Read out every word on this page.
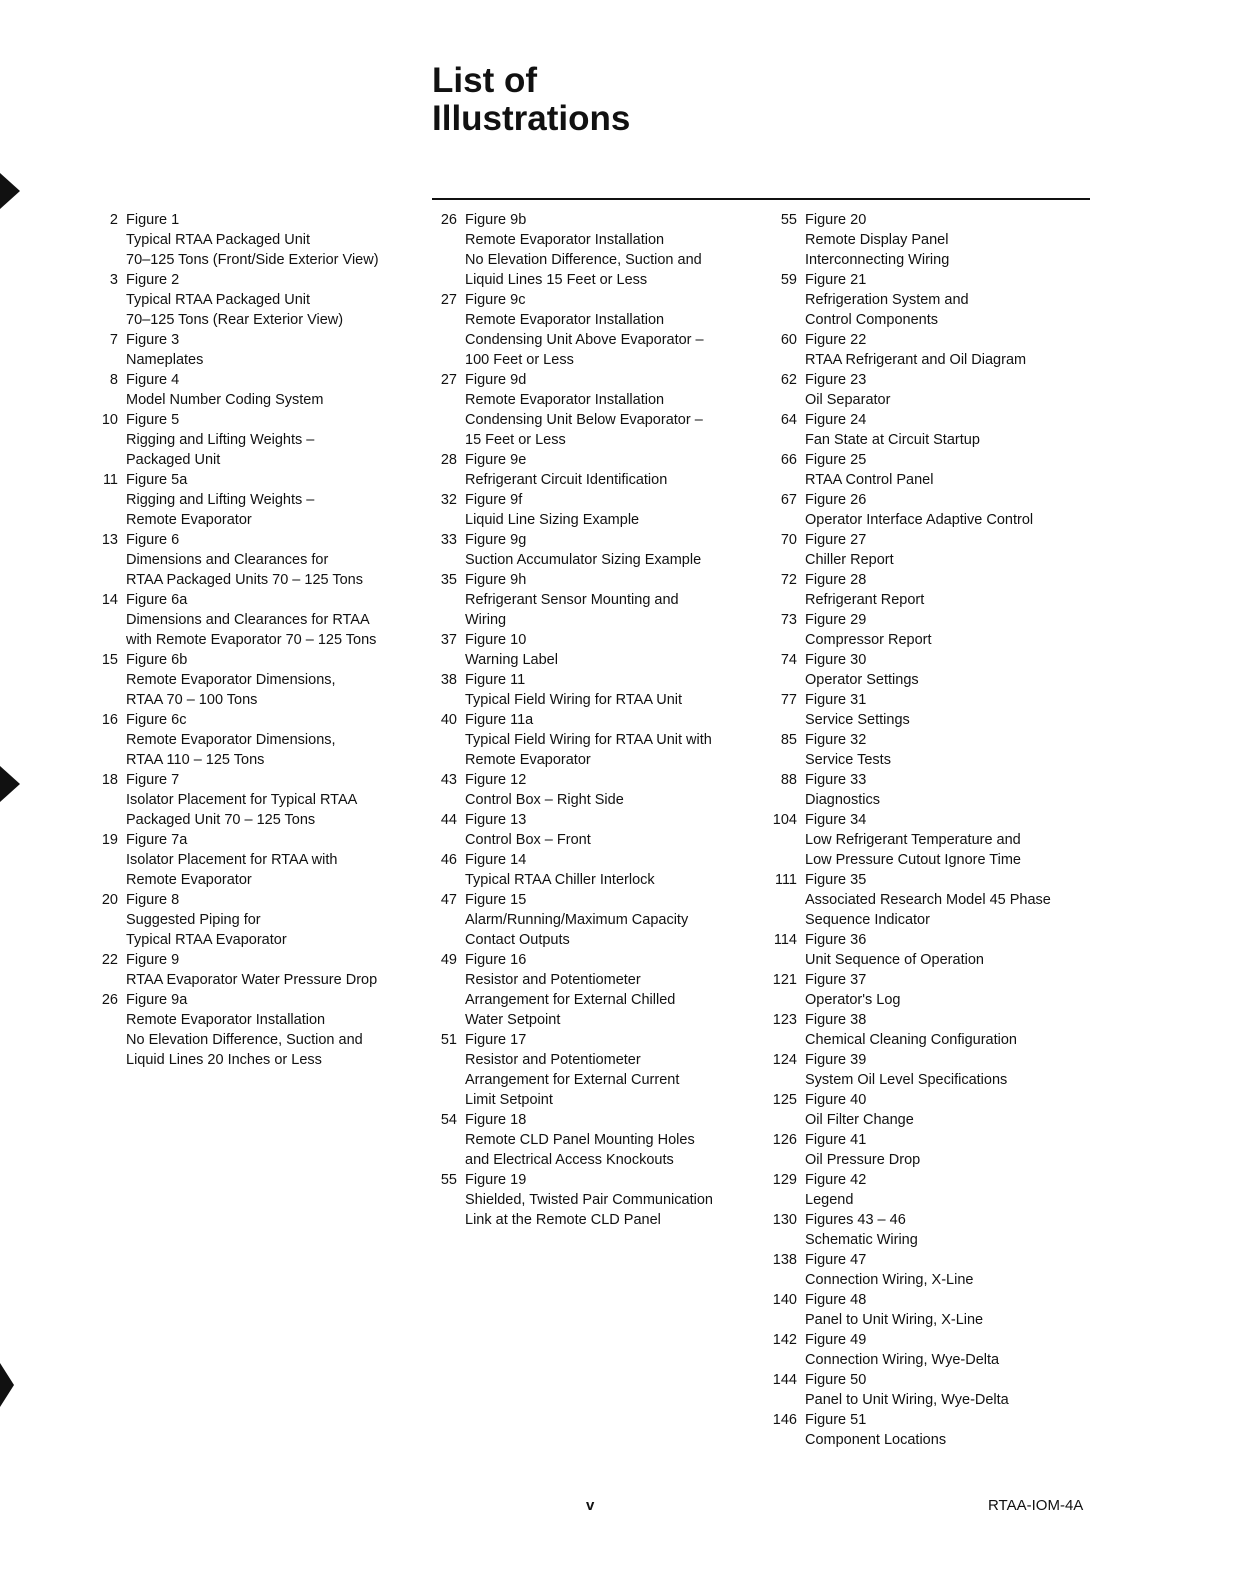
List of
Illustrations
2 Figure 1
Typical RTAA Packaged Unit
70–125 Tons (Front/Side Exterior View)
3 Figure 2
Typical RTAA Packaged Unit
70–125 Tons (Rear Exterior View)
7 Figure 3
Nameplates
8 Figure 4
Model Number Coding System
10 Figure 5
Rigging and Lifting Weights –
Packaged Unit
11 Figure 5a
Rigging and Lifting Weights –
Remote Evaporator
13 Figure 6
Dimensions and Clearances for
RTAA Packaged Units 70 – 125 Tons
14 Figure 6a
Dimensions and Clearances for RTAA
with Remote Evaporator 70 – 125 Tons
15 Figure 6b
Remote Evaporator Dimensions,
RTAA 70 – 100 Tons
16 Figure 6c
Remote Evaporator Dimensions,
RTAA 110 – 125 Tons
18 Figure 7
Isolator Placement for Typical RTAA
Packaged Unit 70 – 125 Tons
19 Figure 7a
Isolator Placement for RTAA with
Remote Evaporator
20 Figure 8
Suggested Piping for
Typical RTAA Evaporator
22 Figure 9
RTAA Evaporator Water Pressure Drop
26 Figure 9a
Remote Evaporator Installation
No Elevation Difference, Suction and
Liquid Lines 20 Inches or Less
26 Figure 9b
Remote Evaporator Installation
No Elevation Difference, Suction and
Liquid Lines 15 Feet or Less
27 Figure 9c
Remote Evaporator Installation
Condensing Unit Above Evaporator –
100 Feet or Less
27 Figure 9d
Remote Evaporator Installation
Condensing Unit Below Evaporator –
15 Feet or Less
28 Figure 9e
Refrigerant Circuit Identification
32 Figure 9f
Liquid Line Sizing Example
33 Figure 9g
Suction Accumulator Sizing Example
35 Figure 9h
Refrigerant Sensor Mounting and
Wiring
37 Figure 10
Warning Label
38 Figure 11
Typical Field Wiring for RTAA Unit
40 Figure 11a
Typical Field Wiring for RTAA Unit with
Remote Evaporator
43 Figure 12
Control Box – Right Side
44 Figure 13
Control Box – Front
46 Figure 14
Typical RTAA Chiller Interlock
47 Figure 15
Alarm/Running/Maximum Capacity
Contact Outputs
49 Figure 16
Resistor and Potentiometer
Arrangement for External Chilled
Water Setpoint
51 Figure 17
Resistor and Potentiometer
Arrangement for External Current
Limit Setpoint
54 Figure 18
Remote CLD Panel Mounting Holes
and Electrical Access Knockouts
55 Figure 19
Shielded, Twisted Pair Communication
Link at the Remote CLD Panel
55 Figure 20
Remote Display Panel
Interconnecting Wiring
59 Figure 21
Refrigeration System and
Control Components
60 Figure 22
RTAA Refrigerant and Oil Diagram
62 Figure 23
Oil Separator
64 Figure 24
Fan State at Circuit Startup
66 Figure 25
RTAA Control Panel
67 Figure 26
Operator Interface Adaptive Control
70 Figure 27
Chiller Report
72 Figure 28
Refrigerant Report
73 Figure 29
Compressor Report
74 Figure 30
Operator Settings
77 Figure 31
Service Settings
85 Figure 32
Service Tests
88 Figure 33
Diagnostics
104 Figure 34
Low Refrigerant Temperature and
Low Pressure Cutout Ignore Time
111 Figure 35
Associated Research Model 45 Phase
Sequence Indicator
114 Figure 36
Unit Sequence of Operation
121 Figure 37
Operator's Log
123 Figure 38
Chemical Cleaning Configuration
124 Figure 39
System Oil Level Specifications
125 Figure 40
Oil Filter Change
126 Figure 41
Oil Pressure Drop
129 Figure 42
Legend
130 Figures 43 – 46
Schematic Wiring
138 Figure 47
Connection Wiring, X-Line
140 Figure 48
Panel to Unit Wiring, X-Line
142 Figure 49
Connection Wiring, Wye-Delta
144 Figure 50
Panel to Unit Wiring, Wye-Delta
146 Figure 51
Component Locations
v	RTAA-IOM-4A
